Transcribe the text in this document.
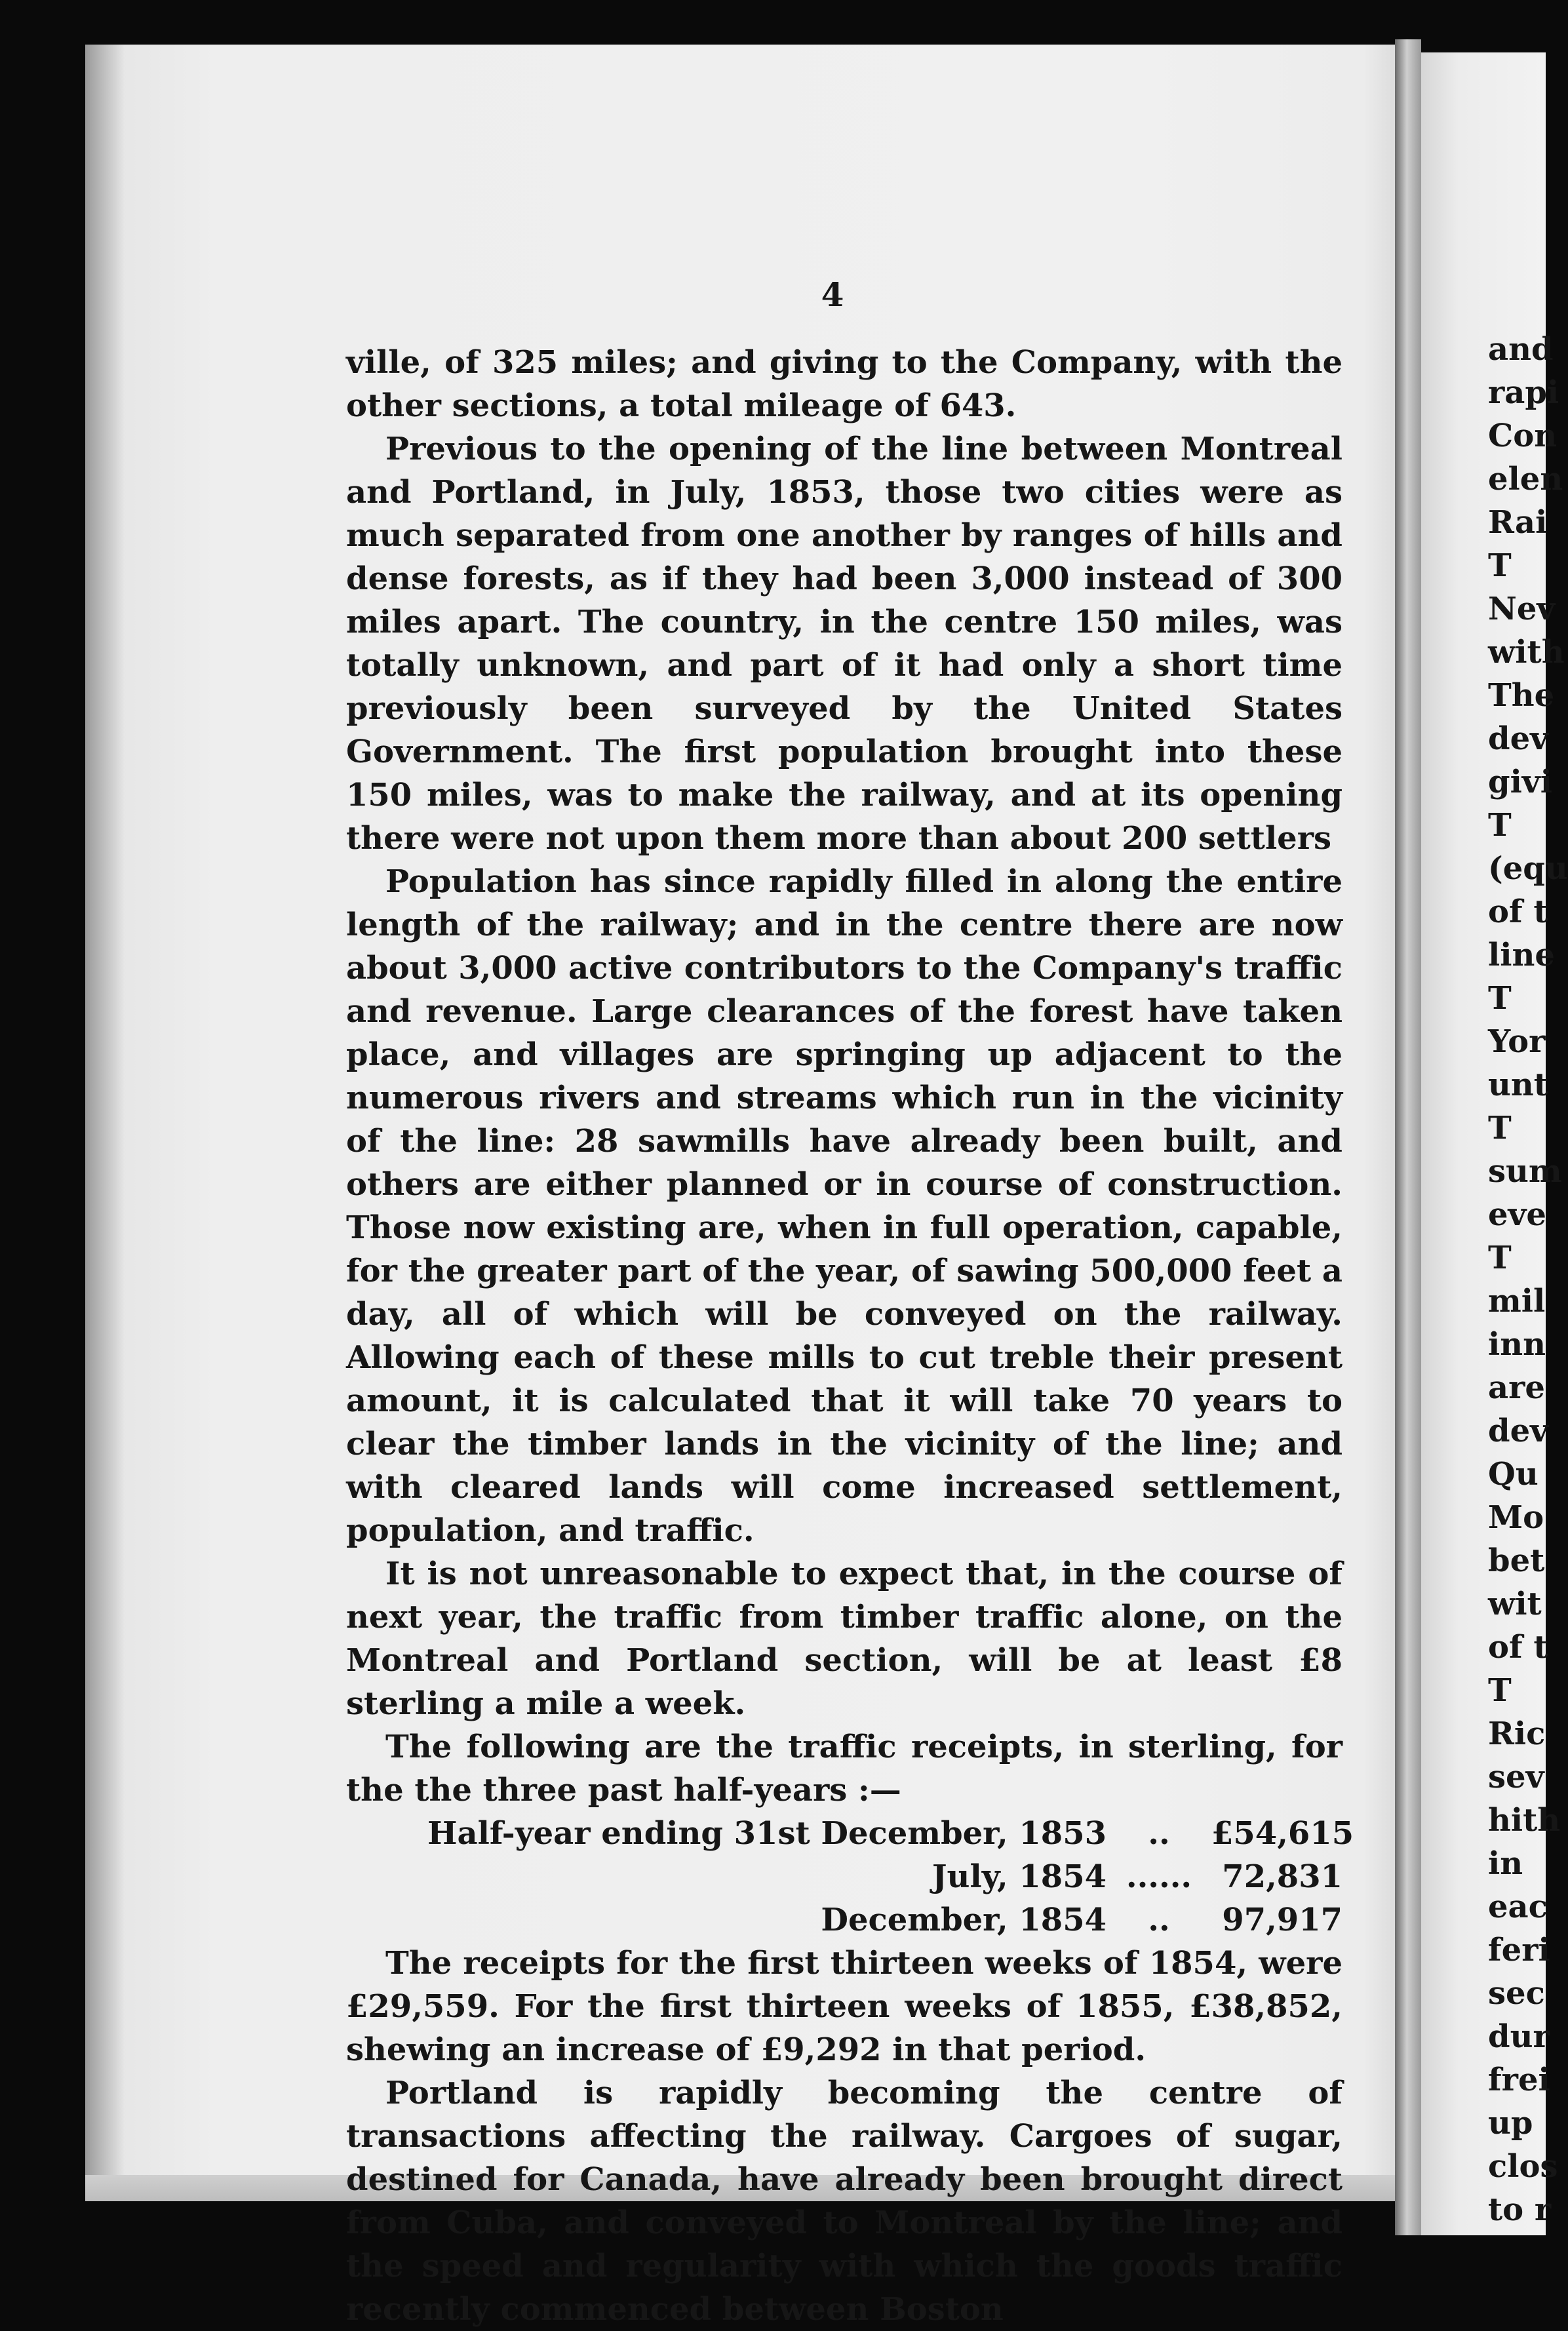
4

ville, of 325 miles; and giving to the Company, with the other sections, a total mileage of 643.

Previous to the opening of the line between Montreal and Portland, in July, 1853, those two cities were as much separated from one another by ranges of hills and dense forests, as if they had been 3,000 instead of 300 miles apart. The country, in the centre 150 miles, was totally unknown, and part of it had only a short time previously been surveyed by the United States Government. The first population brought into these 150 miles, was to make the railway, and at its opening there were not upon them more than about 200 settlers

Population has since rapidly filled in along the entire length of the railway; and in the centre there are now about 3,000 active contributors to the Company's traffic and revenue. Large clearances of the forest have taken place, and villages are springing up adjacent to the numerous rivers and streams which run in the vicinity of the line: 28 sawmills have already been built, and others are either planned or in course of construction. Those now existing are, when in full operation, capable, for the greater part of the year, of sawing 500,000 feet a day, all of which will be conveyed on the railway. Allowing each of these mills to cut treble their present amount, it is calculated that it will take 70 years to clear the timber lands in the vicinity of the line; and with cleared lands will come increased settlement, population, and traffic.

It is not unreasonable to expect that, in the course of next year, the traffic from timber traffic alone, on the Montreal and Portland section, will be at least £8 sterling a mile a week.

The following are the traffic receipts, in sterling, for the the three past half-years :—

Half-year ending 31st December, 1853	..	£54,615
July, 1854 ...... 72,831
December, 1854	..	97,917

The receipts for the first thirteen weeks of 1854, were £29,559. For the first thirteen weeks of 1855, £38,852, shewing an increase of £9,292 in that period.

Portland is rapidly becoming the centre of transactions affecting the railway. Cargoes of sugar, destined for Canada, have already been brought direct from Cuba, and conveyed to Montreal by the line; and the speed and regularity with which the goods traffic recently commenced between Boston

and
rapi
Con
elen
Rai
T
Nev
with
The
dev
givi
T
(equ
of t
line
T
Yor
unt
T
sum
eve
T
mil
inn
are
dev
Qu
Mo
bet
wit
of t
T
Ric
sev
hith
in
eac
feri
sec
dur
frei
up
clos
to r
